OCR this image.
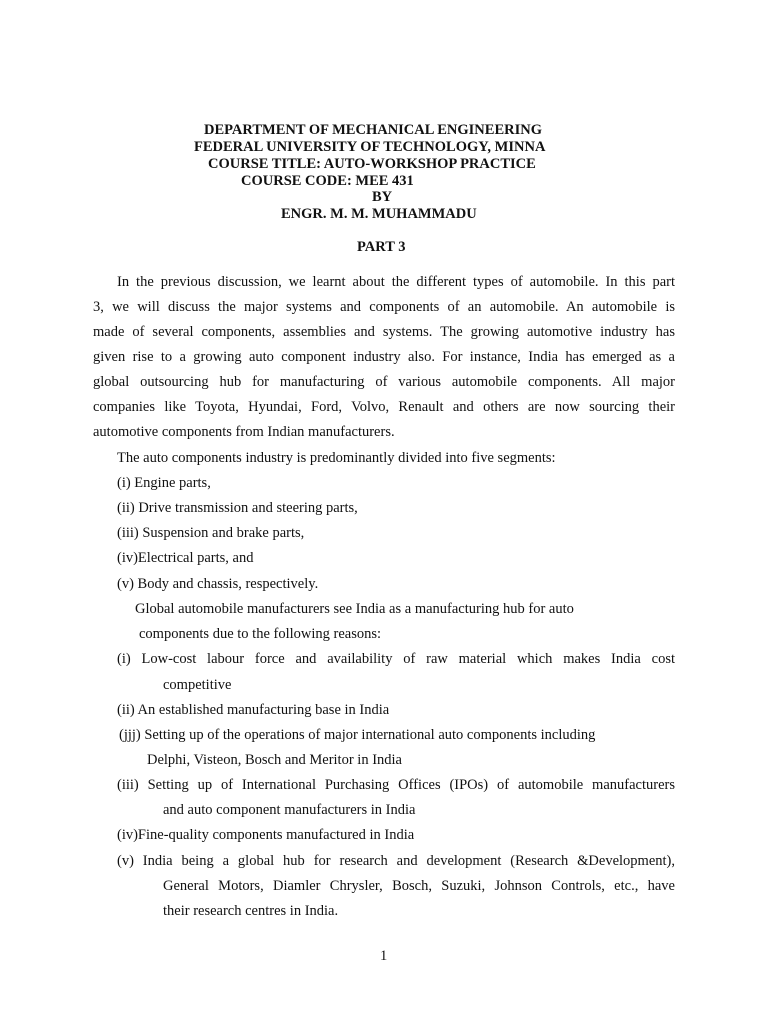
DEPARTMENT OF MECHANICAL ENGINEERING
FEDERAL UNIVERSITY OF TECHNOLOGY, MINNA
COURSE TITLE: AUTO-WORKSHOP PRACTICE
COURSE CODE: MEE 431
BY
ENGR. M. M. MUHAMMADU
PART 3
In the previous discussion, we learnt about the different types of automobile. In this part
3, we will discuss the major systems and components of an automobile. An automobile is
made of several components, assemblies and systems. The growing automotive industry has
given rise to a growing auto component industry also. For instance, India has emerged as a
global outsourcing hub for manufacturing of various automobile components. All major
companies like Toyota, Hyundai, Ford, Volvo, Renault and others are now sourcing their
automotive components from Indian manufacturers.
The auto components industry is predominantly divided into five segments:
(i) Engine parts,
(ii) Drive transmission and steering parts,
(iii) Suspension and brake parts,
(iv)Electrical parts, and
(v) Body and chassis, respectively.
Global automobile manufacturers see India as a manufacturing hub for auto
components due to the following reasons:
(i) Low-cost labour force and availability of raw material which makes India cost
competitive
(ii) An established manufacturing base in India
(jjj) Setting up of the operations of major international auto components including
Delphi, Visteon, Bosch and Meritor in India
(iii) Setting up of International Purchasing Offices (IPOs) of automobile manufacturers
and auto component manufacturers in India
(iv)Fine-quality components manufactured in India
(v) India being a global hub for research and development (Research &Development),
General Motors, Diamler Chrysler, Bosch, Suzuki, Johnson Controls, etc., have
their research centres in India.
1
